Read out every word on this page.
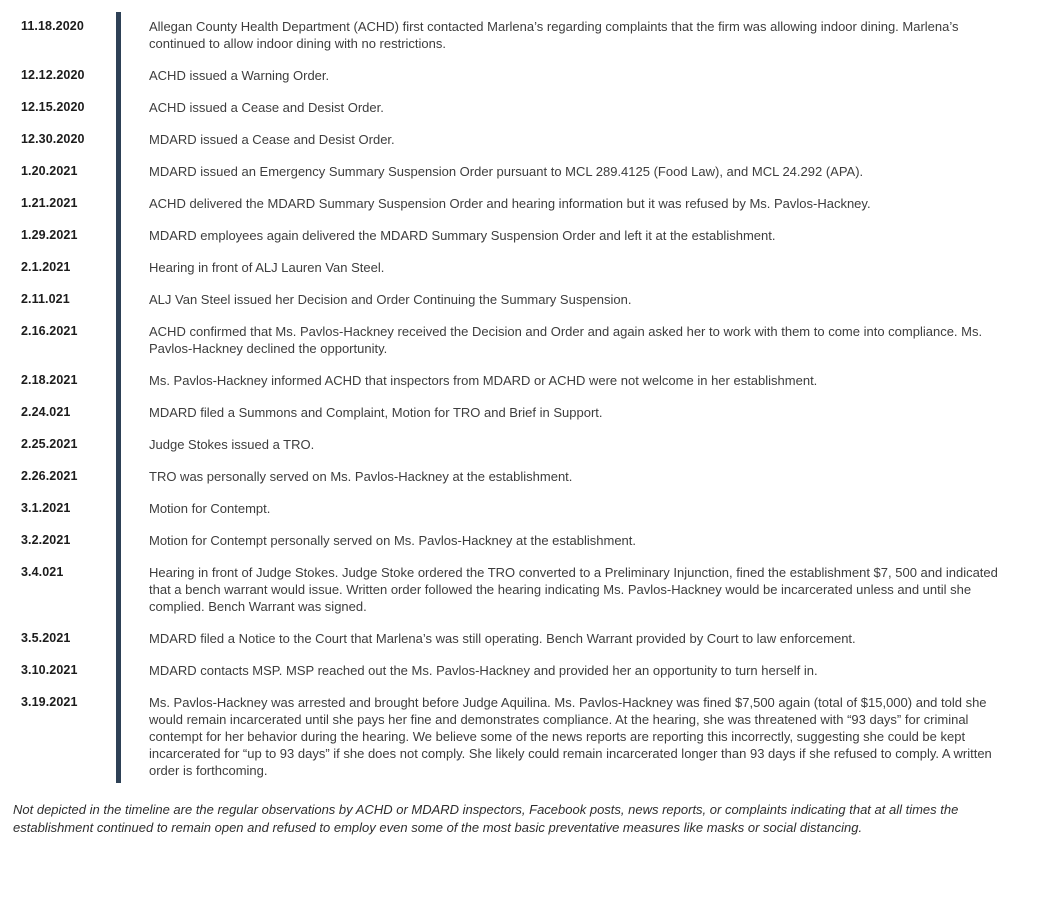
11.18.2020	Allegan County Health Department (ACHD) first contacted Marlena’s regarding complaints that the firm was allowing indoor dining. Marlena’s continued to allow indoor dining with no restrictions.
12.12.2020	ACHD issued a Warning Order.
12.15.2020	ACHD issued a Cease and Desist Order.
12.30.2020	MDARD issued a Cease and Desist Order.
1.20.2021	MDARD issued an Emergency Summary Suspension Order pursuant to MCL 289.4125 (Food Law), and MCL 24.292 (APA).
1.21.2021	ACHD delivered the MDARD Summary Suspension Order and hearing information but it was refused by Ms. Pavlos-Hackney.
1.29.2021	MDARD employees again delivered the MDARD Summary Suspension Order and left it at the establishment.
2.1.2021	Hearing in front of ALJ Lauren Van Steel.
2.11.021	ALJ Van Steel issued her Decision and Order Continuing the Summary Suspension.
2.16.2021	ACHD confirmed that Ms. Pavlos-Hackney received the Decision and Order and again asked her to work with them to come into compliance. Ms. Pavlos-Hackney declined the opportunity.
2.18.2021	Ms. Pavlos-Hackney informed ACHD that inspectors from MDARD or ACHD were not welcome in her establishment.
2.24.021	MDARD filed a Summons and Complaint, Motion for TRO and Brief in Support.
2.25.2021	Judge Stokes issued a TRO.
2.26.2021	TRO was personally served on Ms. Pavlos-Hackney at the establishment.
3.1.2021	Motion for Contempt.
3.2.2021	Motion for Contempt personally served on Ms. Pavlos-Hackney at the establishment.
3.4.021	Hearing in front of Judge Stokes. Judge Stoke ordered the TRO converted to a Preliminary Injunction, fined the establishment $7, 500 and indicated that a bench warrant would issue. Written order followed the hearing indicating Ms. Pavlos-Hackney would be incarcerated unless and until she complied. Bench Warrant was signed.
3.5.2021	MDARD filed a Notice to the Court that Marlena’s was still operating. Bench Warrant provided by Court to law enforcement.
3.10.2021	MDARD contacts MSP. MSP reached out the Ms. Pavlos-Hackney and provided her an opportunity to turn herself in.
3.19.2021	Ms. Pavlos-Hackney was arrested and brought before Judge Aquilina. Ms. Pavlos-Hackney was fined $7,500 again (total of $15,000) and told she would remain incarcerated until she pays her fine and demonstrates compliance. At the hearing, she was threatened with “93 days” for criminal contempt for her behavior during the hearing. We believe some of the news reports are reporting this incorrectly, suggesting she could be kept incarcerated for “up to 93 days” if she does not comply. She likely could remain incarcerated longer than 93 days if she refused to comply. A written order is forthcoming.
Not depicted in the timeline are the regular observations by ACHD or MDARD inspectors, Facebook posts, news reports, or complaints indicating that at all times the establishment continued to remain open and refused to employ even some of the most basic preventative measures like masks or social distancing.
